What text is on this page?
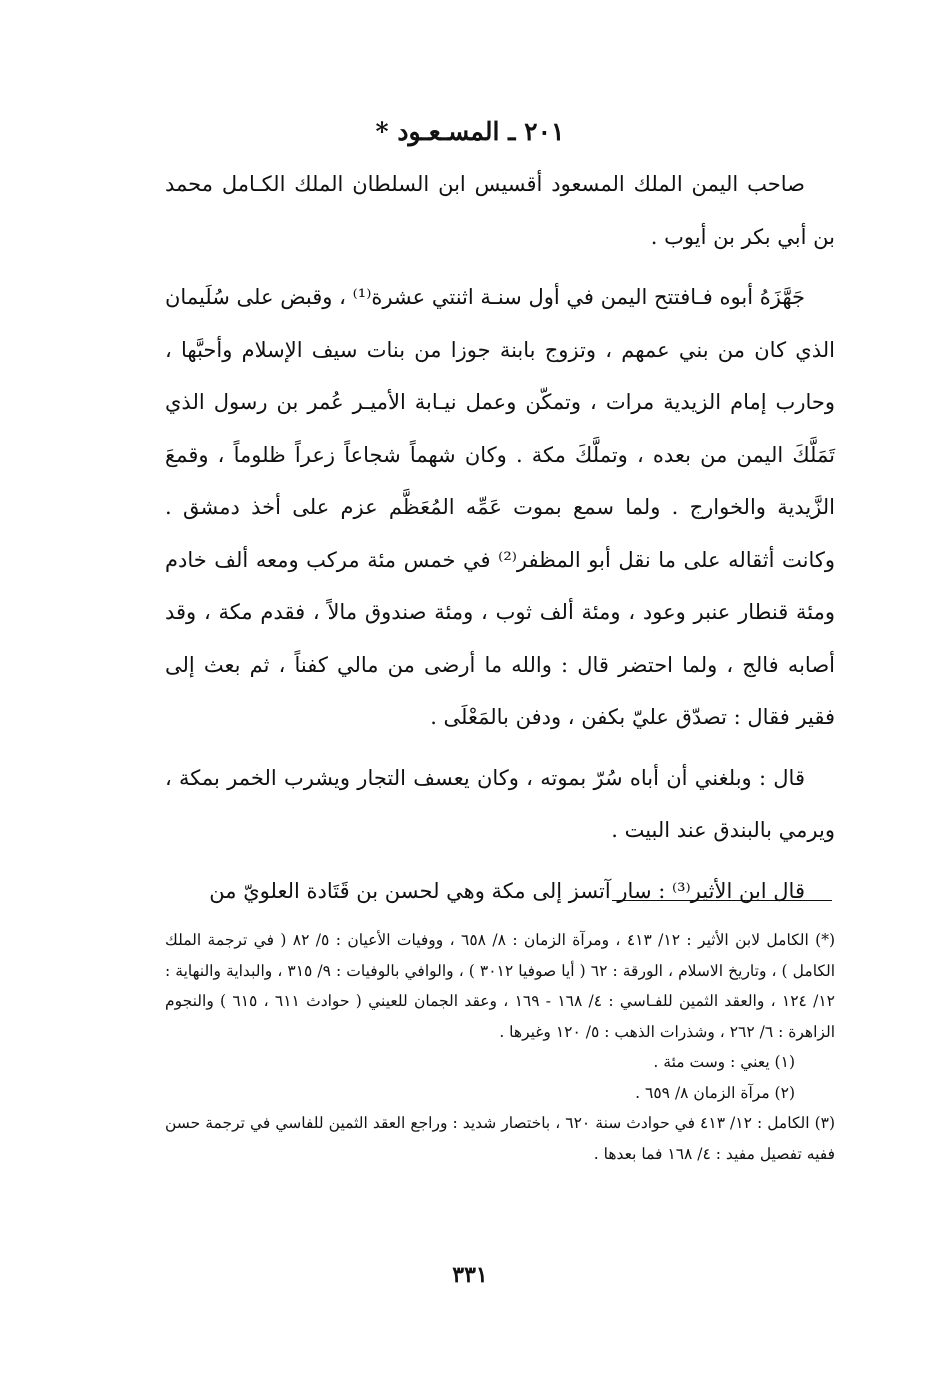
٢٠١ ـ المسـعـود *

صاحب اليمن الملك المسعود أقسيس ابن السلطان الملك الكـامل محمد بن أبي بكر بن أيوب .

جَهَّزَهُ أبوه فـافتتح اليمن في أول سنـة اثنتي عشرة⁽¹⁾ ، وقبض على سُلَيمان الذي كان من بني عمهم ، وتزوج بابنة جوزا من بنات سيف الإسلام وأحبَّها ، وحارب إمام الزيدية مرات ، وتمكّن وعمل نيـابة الأميـر عُمر بن رسول الذي تَمَلَّكَ اليمن من بعده ، وتملَّكَ مكة . وكان شهماً شجاعاً زعراً ظلوماً ، وقمعَ الزَّيدية والخوارج . ولما سمع بموت عَمِّه المُعَظَّم عزم على أخذ دمشق . وكانت أثقاله على ما نقل أبو المظفر⁽²⁾ في خمس مئة مركب ومعه ألف خادم ومئة قنطار عنبر وعود ، ومئة ألف ثوب ، ومئة صندوق مالاً ، فقدم مكة ، وقد أصابه فالج ، ولما احتضر قال : والله ما أرضى من مالي كفناً ، ثم بعث إلى فقير فقال : تصدّق عليّ بكفن ، ودفن بالمَعْلَى .

قال : وبلغني أن أباه سُرّ بموته ، وكان يعسف التجار ويشرب الخمر بمكة ، ويرمي بالبندق عند البيت .

قال ابن الأثير⁽³⁾ : سار آتسز إلى مكة وهي لحسن بن قَتَادة العلويّ من

(*) الكامل لابن الأثير : ١٢/ ٤١٣ ، ومرآة الزمان : ٨/ ٦٥٨ ، ووفيات الأعيان : ٥/ ٨٢ ( في ترجمة الملك الكامل ) ، وتاريخ الاسلام ، الورقة : ٦٢ ( أيا صوفيا ٣٠١٢ ) ، والوافي بالوفيات : ٩/ ٣١٥ ، والبداية والنهاية : ١٢/ ١٢٤ ، والعقد الثمين للفـاسي : ٤/ ١٦٨ - ١٦٩ ، وعقد الجمان للعيني ( حوادث ٦١١ ، ٦١٥ ) والنجوم الزاهرة : ٦/ ٢٦٢ ، وشذرات الذهب : ٥/ ١٢٠ وغيرها .

(١) يعني : وست مئة .

(٢) مرآة الزمان ٨/ ٦٥٩ .

(٣) الكامل : ١٢/ ٤١٣ في حوادث سنة ٦٢٠ ، باختصار شديد : وراجع العقد الثمين للفاسي في ترجمة حسن ففيه تفصيل مفيد : ٤/ ١٦٨ فما بعدها .

٣٣١
